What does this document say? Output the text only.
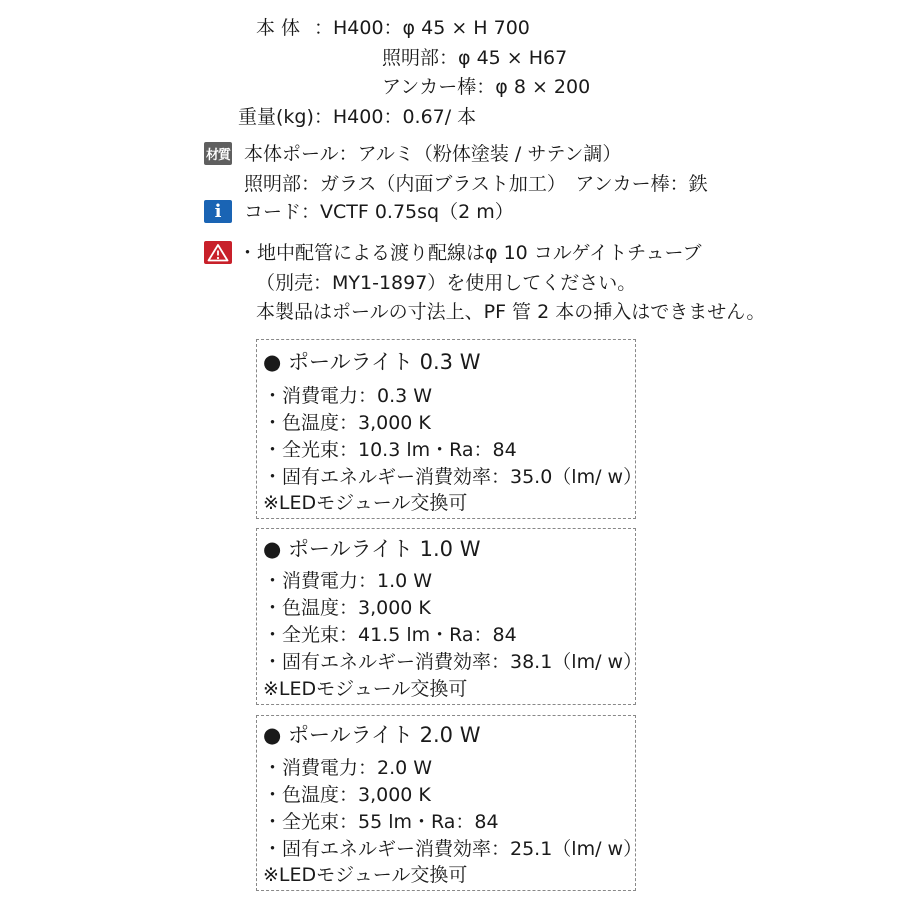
本 体 ：H400：φ 45 × H 700
照明部：φ 45 × H67
アンカー棒：φ 8 × 200
重量(kg)：H400：0.67/ 本
材質 本体ポール：アルミ（粉体塗装 / サテン調）
照明部：ガラス（内面ブラスト加工）　アンカー棒：鉄
i	コード：VCTF 0.75sq（2 m）
・地中配管による渡り配線はφ 10 コルゲイトチューブ
（別売：MY1-1897）を使用してください。
本製品はポールの寸法上、PF 管 2 本の挿入はできません。
● ポールライト 0.3 W
・消費電力：0.3 W
・色温度：3,000 K
・全光束：10.3 lm・Ra：84
・固有エネルギー消費効率：35.0（lm/ w）
※LEDモジュール交換可
● ポールライト 1.0 W
・消費電力：1.0 W
・色温度：3,000 K
・全光束：41.5 lm・Ra：84
・固有エネルギー消費効率：38.1（lm/ w）
※LEDモジュール交換可
● ポールライト 2.0 W
・消費電力：2.0 W
・色温度：3,000 K
・全光束：55 lm・Ra：84
・固有エネルギー消費効率：25.1（lm/ w）
※LEDモジュール交換可
